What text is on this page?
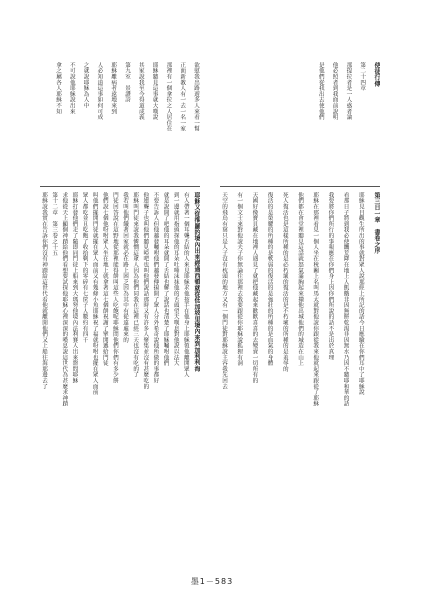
使徒行傳
第二十四章
那提拉者是一人惑者論
他必照者到我面前說明
是他們從我出去使他們
第三日一章　書卷之序
耶穌見目觀生所出的事就對眾人說那經上所記的話今日應驗在你們耳中了耶穌說
看那日子將到我必使饑荒降在地上人飢餓非因無餅乾渴非因無水乃因不聽耶和華的話
我要將你們所行的事報應在你們身上因你們所說的話不是出於真理
耶穌在那裡看見一個人坐在稅關上名叫馬太就對他說你跟從我來他就起來跟從了耶穌
他們都在會堂裡聽見這話就怒氣滿胸起來攆他出城他們的城造在山上
死人復活也是這樣所種的是必朽壞的復活的是不朽壞的所種的是羞辱的
復活的是榮耀的所種的是軟弱的復活的是強壯的所種的是血氣的身體
天國好像寶貝藏在地裡人遇見了就把他藏起來歡歡喜喜的去變賣一切所有的
有一個文士來對他說夫子你無論往那裡去我要跟從你耶穌說狐狸有洞
天空的飛鳥有窩只是人子沒有枕頭的地方又有一個門徒對耶穌說主容我先回去
欲慰我出路遊多人來看一幫
正面新教人有一去一名一家
那裡有一個拿拉之人居住在
耶穌聽見這事就大嘆說
其家說我至今得道成義
第九室　景讚詩
耶穌離病者遠地來到
人必知道這事如何可成
之就說耶穌為人中
不可說他耶穌說出來
拿之屬各人耶穌不知
耶穌又從推羅的境內出來經過西頓就從低加坡里境內來到加利利海
有人帶著一個耳聾舌結的人來見耶穌求他按手在他身上耶穌領他離開眾人
到一邊就用指頭探他的耳朵吐唾沫抹他的舌頭望天嘆息對他說以法大
就是說開了吧他的耳朵就開了舌結也解了說話也清楚了耶穌囑咐他們
不要告訴人但他越發囑咐他們越發傳揚開了眾人分外希奇說他所做的事都好
他連聾子也叫他們聽見啞吧也叫他們說話那時又有許多人聚集並沒有甚麼吃的
耶穌叫門徒來說我憐憫這眾人因為他們同我在這裡已經三天也沒有吃的了
我若叫他們餓著回家就必在路上困乏因為其中有從遠處來的
門徒回答說在這野地從那裡能得餅叫這些人吃飽呢耶穌問他們你們有多少餅
他們說七個他吩咐眾人坐在地上就拿著這七個餅祝謝了擘開遞給門徒
叫他們擺開門徒就擺在眾人面前又有幾條小魚耶穌祝了福就吩咐也擺在眾人面前
眾人都吃並且吃飽了收拾剩下的零碎有七筐子人數約有四千
耶穌打發他們走了隨即同門徒上船來到大瑪努他境內法利賽人出來盤問耶穌
求他從天上顯個神蹟給他們看想要試探他耶穌心裡深深的嘆息說這世代為甚麼求神蹟
第十二章　第三卷之十五
耶穌說我實在告訴你們沒有神蹟給這世代看他就離開他們又上船往海那邊去了
墨1－583
